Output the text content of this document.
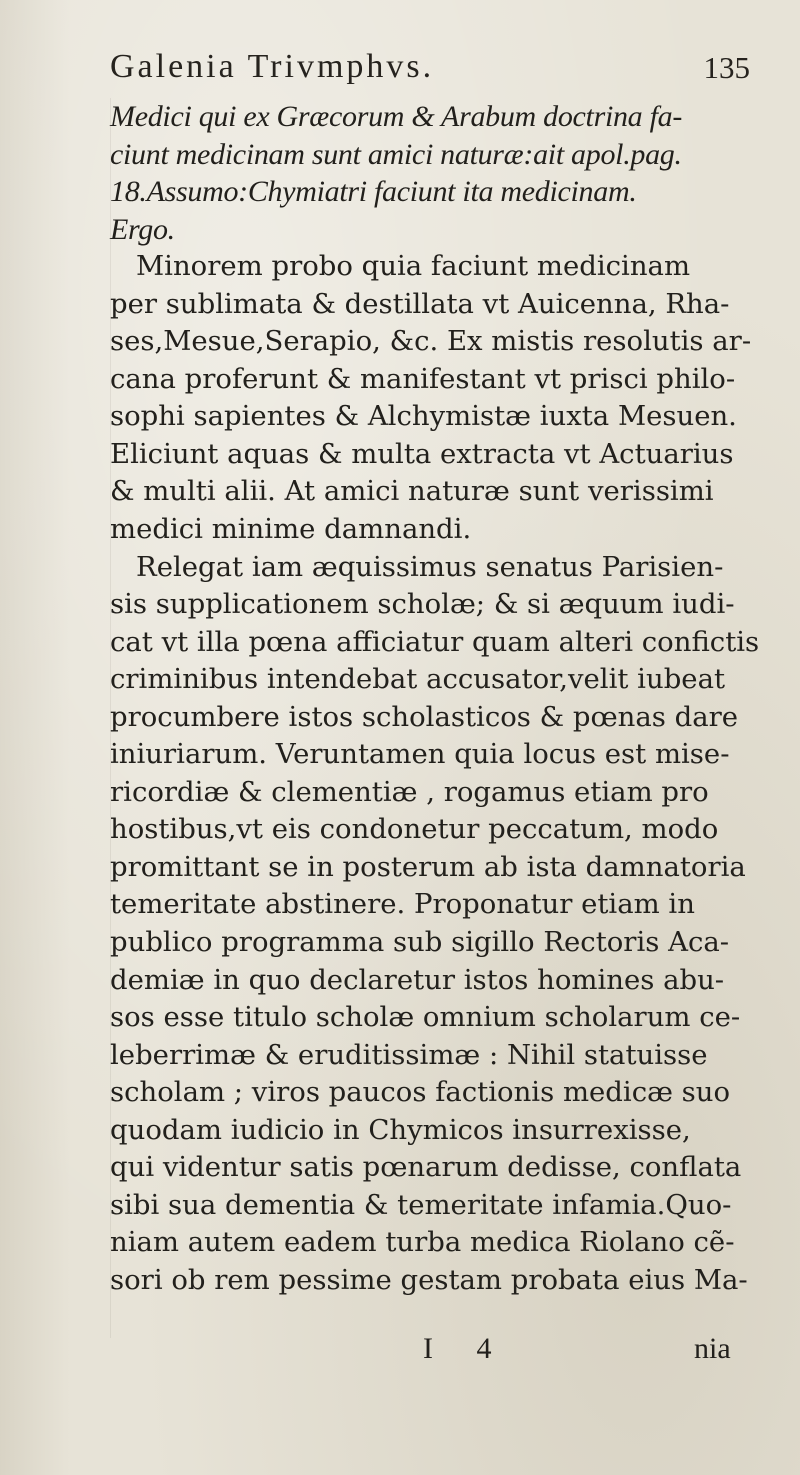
Galenia Trivmphvs.	135
Medici qui ex Græcorum & Arabum doctrina fa-
ciunt medicinam sunt amici naturæ:ait apol.pag.
18.Assumo:Chymiatri faciunt ita medicinam.
Ergo.
Minorem probo quia faciunt medicinam
per sublimata & destillata vt Auicenna, Rha-
ses,Mesue,Serapio, &c. Ex mistis resolutis ar-
cana proferunt & manifestant vt prisci philo-
sophi sapientes & Alchymistæ iuxta Mesuen.
Eliciunt aquas & multa extracta vt Actuarius
& multi alii. At amici naturæ sunt verissimi
medici minime damnandi.
Relegat iam æquissimus senatus Parisien-
sis supplicationem scholæ; & si æquum iudi-
cat vt illa pœna afficiatur quam alteri confictis
criminibus intendebat accusator,velit iubeat
procumbere istos scholasticos & pœnas dare
iniuriarum. Veruntamen quia locus est mise-
ricordiæ & clementiæ , rogamus etiam pro
hostibus,vt eis condonetur peccatum, modo
promittant se in posterum ab ista damnatoria
temeritate abstinere. Proponatur etiam in
publico programma sub sigillo Rectoris Aca-
demiæ in quo declaretur istos homines abu-
sos esse titulo scholæ omnium scholarum ce-
leberrimæ & eruditissimæ : Nihil statuisse
scholam ; viros paucos factionis medicæ suo
quodam iudicio in Chymicos insurrexisse,
qui videntur satis pœnarum dedisse, conflata
sibi sua dementia & temeritate infamia.Quo-
niam autem eadem turba medica Riolano cẽ-
sori ob rem pessime gestam probata eius Ma-
I 4	nia
